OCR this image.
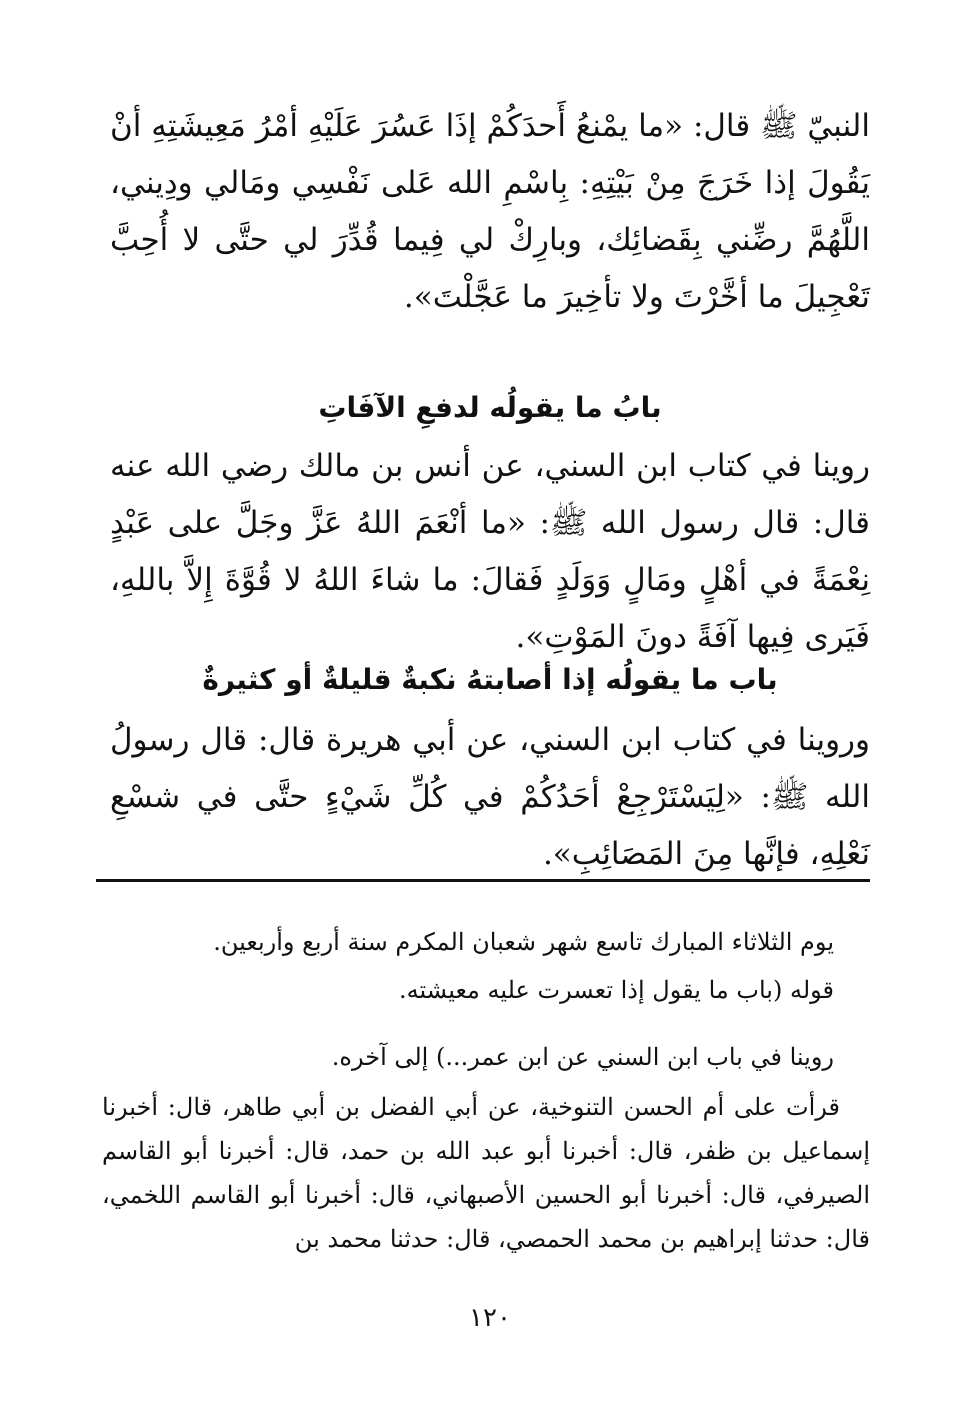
النبيّ ﷺ قال: «ما يمْنعُ أَحدَكُمْ إذَا عَسُرَ عَلَيْهِ أمْرُ مَعِيشَتِهِ أنْ يَقُولَ إذا خَرَجَ مِنْ بَيْتِهِ: بِاسْمِ الله عَلى نَفْسِي ومَالي ودِيني، اللَّهُمَّ رضِّني بِقَضائِك، وبارِكْ لي فِيما قُدِّرَ لي حتَّى لا أُحِبَّ تَعْجِيلَ ما أخَّرْتَ ولا تأخِيرَ ما عَجَّلْتَ».

بابُ ما يقولُه لدفعِ الآفَاتِ

روينا في كتاب ابن السني، عن أنس بن مالك رضي الله عنه قال: قال رسول الله ﷺ: «ما أنْعَمَ اللهُ عَزَّ وجَلَّ على عَبْدٍ نِعْمَةً في أهْلٍ ومَالٍ وَوَلَدٍ فَقالَ: ما شاءَ اللهُ لا قُوَّةَ إِلاَّ باللهِ، فَيَرى فِيها آفَةً دونَ المَوْتِ».

باب ما يقولُه إذا أصابتهُ نكبةٌ قليلةٌ أو كثيرةٌ

وروينا في كتاب ابن السني، عن أبي هريرة قال: قال رسولُ الله ﷺ: «لِيَسْتَرْجِعْ أحَدُكُمْ في كُلِّ شَيْءٍ حتَّى في شسْعِ نَعْلِهِ، فإنَّها مِنَ المَصَائِبِ».

يوم الثلاثاء المبارك تاسع شهر شعبان المكرم سنة أربع وأربعين.
قوله (باب ما يقول إذا تعسرت عليه معيشته.
روينا في باب ابن السني عن ابن عمر...) إلى آخره.

قرأت على أم الحسن التنوخية، عن أبي الفضل بن أبي طاهر، قال: أخبرنا إسماعيل بن ظفر، قال: أخبرنا أبو عبد الله بن حمد، قال: أخبرنا أبو القاسم الصيرفي، قال: أخبرنا أبو الحسين الأصبهاني، قال: أخبرنا أبو القاسم اللخمي، قال: حدثنا إبراهيم بن محمد الحمصي، قال: حدثنا محمد بن

١٢٠
